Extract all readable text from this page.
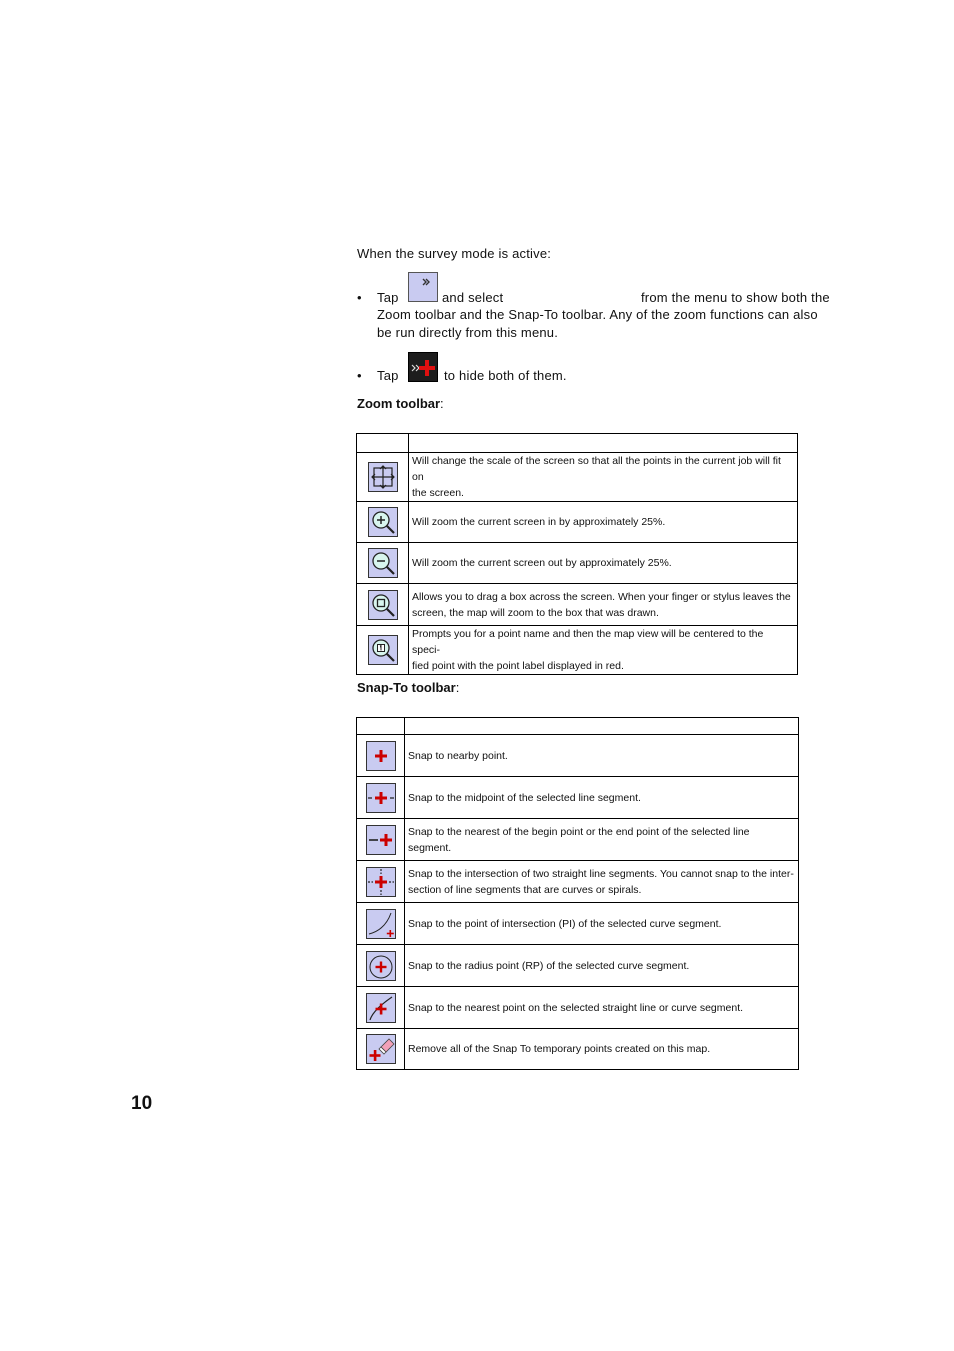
When the survey mode is active:
• Tap	and select	from the menu to show both the
Zoom toolbar and the Snap-To toolbar. Any of the zoom functions can also
be run directly from this menu.
• Tap	to hide both of them.
Zoom toolbar:

Will change the scale of the screen so that all the points in the current job will fit on
the screen.

Will zoom the current screen in by approximately 25%.

Will zoom the current screen out by approximately 25%.

Allows you to drag a box across the screen. When your finger or stylus leaves the
screen, the map will zoom to the box that was drawn.

Prompts you for a point name and then the map view will be centered to the speci-
fied point with the point label displayed in red.
Snap-To toolbar:

Snap to nearby point.

Snap to the midpoint of the selected line segment.

Snap to the nearest of the begin point or the end point of the selected line segment.

Snap to the intersection of two straight line segments. You cannot snap to the inter-
section of line segments that are curves or spirals.

Snap to the point of intersection (PI) of the selected curve segment.

Snap to the radius point (RP) of the selected curve segment.

Snap to the nearest point on the selected straight line or curve segment.

Remove all of the Snap To temporary points created on this map.
10
